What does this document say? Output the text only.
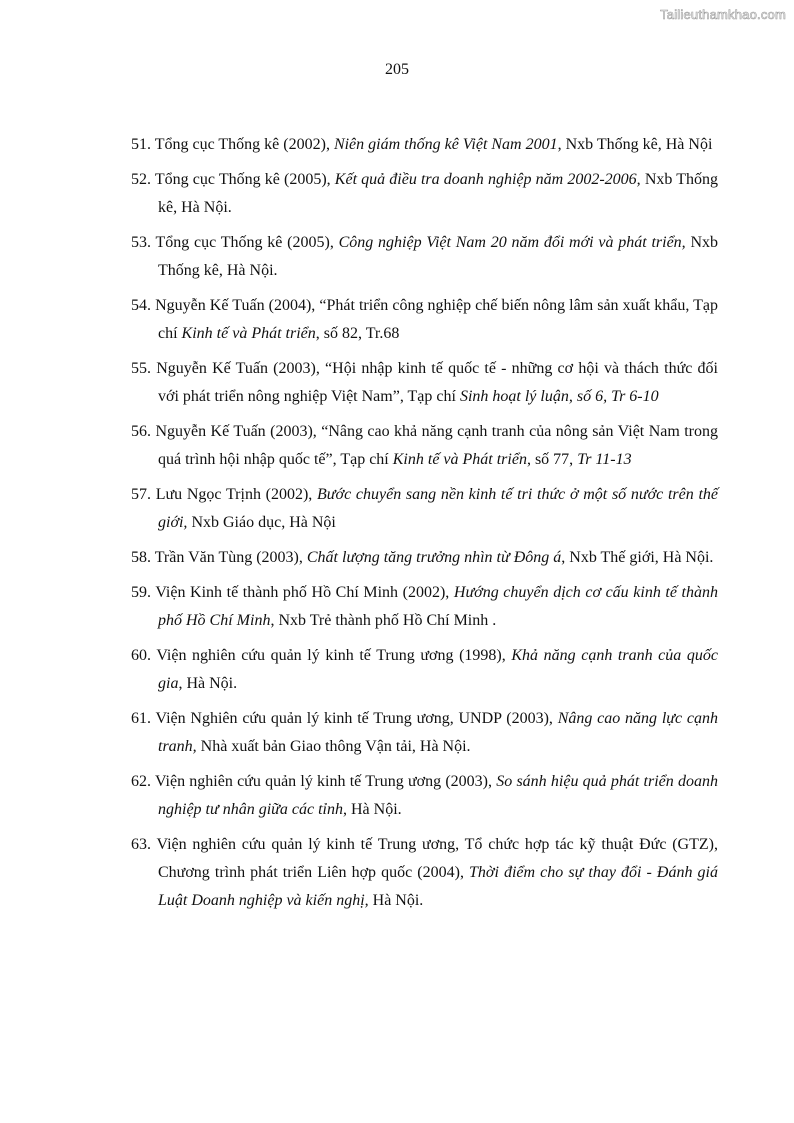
Tailieuthamkhao.com
205
51. Tổng cục Thống kê (2002), Niên giám thống kê Việt Nam 2001, Nxb Thống kê, Hà Nội
52. Tổng cục Thống kê (2005), Kết quả điều tra doanh nghiệp năm 2002-2006, Nxb Thống kê, Hà Nội.
53. Tổng cục Thống kê (2005), Công nghiệp Việt Nam 20 năm đổi mới và phát triển, Nxb Thống kê, Hà Nội.
54. Nguyễn Kế Tuấn (2004), “Phát triển công nghiệp chế biến nông lâm sản xuất khẩu, Tạp chí Kinh tế và Phát triển, số 82, Tr.68
55. Nguyễn Kế Tuấn (2003), “Hội nhập kinh tế quốc tế - những cơ hội và thách thức đối với phát triển nông nghiệp Việt Nam”, Tạp chí Sinh hoạt lý luận, số 6, Tr 6-10
56. Nguyễn Kế Tuấn (2003), “Nâng cao khả năng cạnh tranh của nông sản Việt Nam trong quá trình hội nhập quốc tế”, Tạp chí Kinh tế và Phát triển, số 77, Tr 11-13
57. Lưu Ngọc Trịnh (2002), Bước chuyển sang nền kinh tế tri thức ở một số nước trên thế giới, Nxb Giáo dục, Hà Nội
58. Trần Văn Tùng (2003), Chất lượng tăng trưởng nhìn từ Đông á, Nxb Thế giới, Hà Nội.
59. Viện Kinh tế thành phố Hồ Chí Minh (2002), Hướng chuyển dịch cơ cấu kinh tế thành phố Hồ Chí Minh, Nxb Trẻ thành phố Hồ Chí Minh .
60. Viện nghiên cứu quản lý kinh tế Trung ương (1998), Khả năng cạnh tranh của quốc gia, Hà Nội.
61. Viện Nghiên cứu quản lý kinh tế Trung ương, UNDP (2003), Nâng cao năng lực cạnh tranh, Nhà xuất bản Giao thông Vận tải, Hà Nội.
62. Viện nghiên cứu quản lý kinh tế Trung ương (2003), So sánh hiệu quả phát triển doanh nghiệp tư nhân giữa các tỉnh, Hà Nội.
63. Viện nghiên cứu quản lý kinh tế Trung ương, Tổ chức hợp tác kỹ thuật Đức (GTZ), Chương trình phát triển Liên hợp quốc (2004), Thời điểm cho sự thay đổi - Đánh giá Luật Doanh nghiệp và kiến nghị, Hà Nội.
